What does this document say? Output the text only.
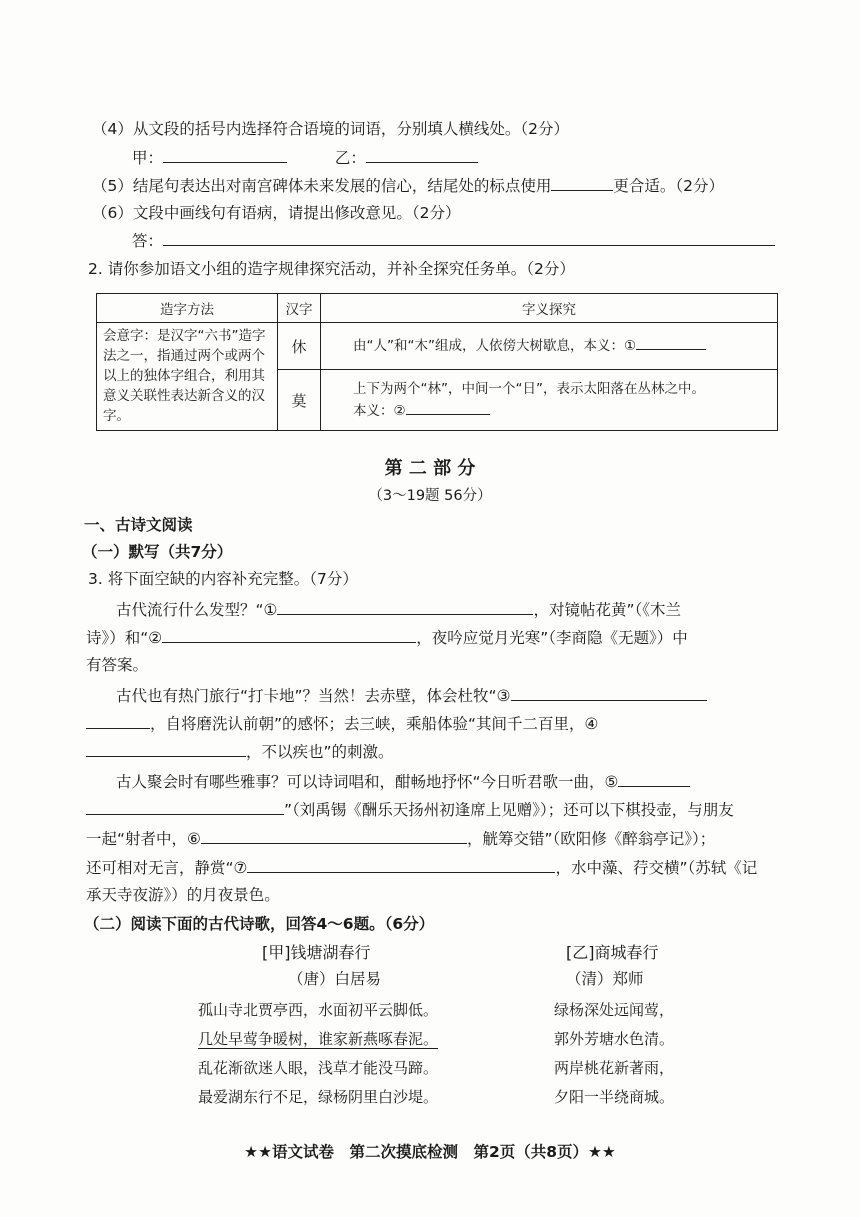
（4）从文段的括号内选择符合语境的词语，分别填人横线处。（2分）
甲：	乙：
（5）结尾句表达出对南宫碑体未来发展的信心，结尾处的标点使用	更合适。（2分）
（6）文段中画线句有语病，请提出修改意见。（2分）
答：
2. 请你参加语文小组的造字规律探究活动，并补全探究任务单。（2分）
造字方法	汉字	字义探究
会意字：是汉字“六书”造字法之一，指通过两个或两个以上的独体字组合，利用其意义关联性表达新含义的汉字。	休	由“人”和“木”组成，人依傍大树歇息，本义：①
	莫	上下为两个“林”，中间一个“日”，表示太阳落在丛林之中。
本义：②
第 二 部 分
（3～19题 56分）
一、古诗文阅读
（一）默写（共7分）
3. 将下面空缺的内容补充完整。（7分）
古代流行什么发型？“①	，对镜帖花黄”（《木兰
诗》）和“②	，夜吟应觉月光寒”（李商隐《无题》）中
有答案。
古代也有热门旅行“打卡地”？当然！去赤壁，体会杜牧“③
，自将磨洗认前朝”的感怀；去三峡，乘船体验“其间千二百里，④
，不以疾也”的刺激。
古人聚会时有哪些雅事？可以诗词唱和，酣畅地抒怀“今日听君歌一曲，⑤
”（刘禹锡《酬乐天扬州初逢席上见赠》）；还可以下棋投壶，与朋友
一起“射者中，⑥	，觥筹交错”（欧阳修《醉翁亭记》）；
还可相对无言，静赏“⑦	，水中藻、荇交横”（苏轼《记
承天寺夜游》）的月夜景色。
（二）阅读下面的古代诗歌，回答4～6题。（6分）
[甲]钱塘湖春行	[乙]商城春行
（唐）白居易	（清）郑师
孤山寺北贾亭西，水面初平云脚低。
几处早莺争暖树，谁家新燕啄春泥。
乱花渐欲迷人眼，浅草才能没马蹄。
最爱湖东行不足，绿杨阴里白沙堤。
绿杨深处远闻莺，
郭外芳塘水色清。
两岸桃花新著雨，
夕阳一半绕商城。
★★语文试卷　第二次摸底检测　第2页（共8页）★★
